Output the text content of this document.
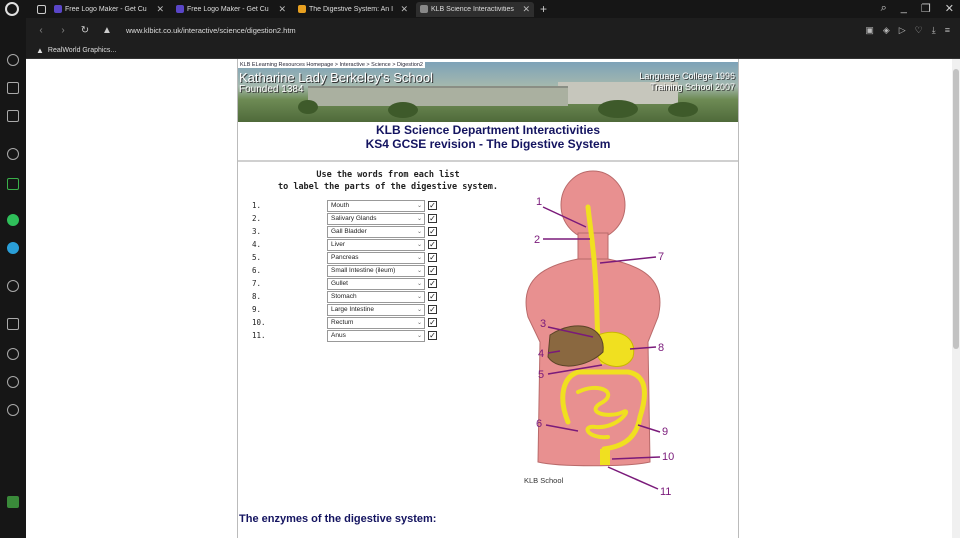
Free Logo Maker - Get Cu	✕	Free Logo Maker - Get Cu	✕	The Digestive System: An I ✕	KLB Science Interactivities ✕ +	⌕ _ ❐ ✕
‹	›	↻ ▲ www.klbict.co.uk/interactive/science/digestion2.htm	▣ ◈ ▷ ♡ ⤓ ≡
▲ RealWorld Graphics...
KLB ELearning Resources Homepage > Interactive > Science > Digestion2
Katharine Lady Berkeley's School
Founded 1384
Language College 1996
Training School 2007
KLB Science Department Interactivities
KS4 GCSE revision - The Digestive System
Use the words from each list
to label the parts of the digestive system.
1.	Mouth	⌄ ✓
2.	Salivary Glands	⌄ ✓
3.	Gall Bladder	⌄ ✓
4.	Liver	⌄ ✓
5.	Pancreas	⌄ ✓
6.	Small Intestine (ileum)	⌄ ✓
7.	Gullet	⌄ ✓
8.	Stomach	⌄ ✓
9.	Large Intestine	⌄ ✓
10.	Rectum	⌄ ✓
11.	Anus	⌄ ✓
1
2
3
4
5
6
7
8
9
10
11
KLB School
The enzymes of the digestive system:
